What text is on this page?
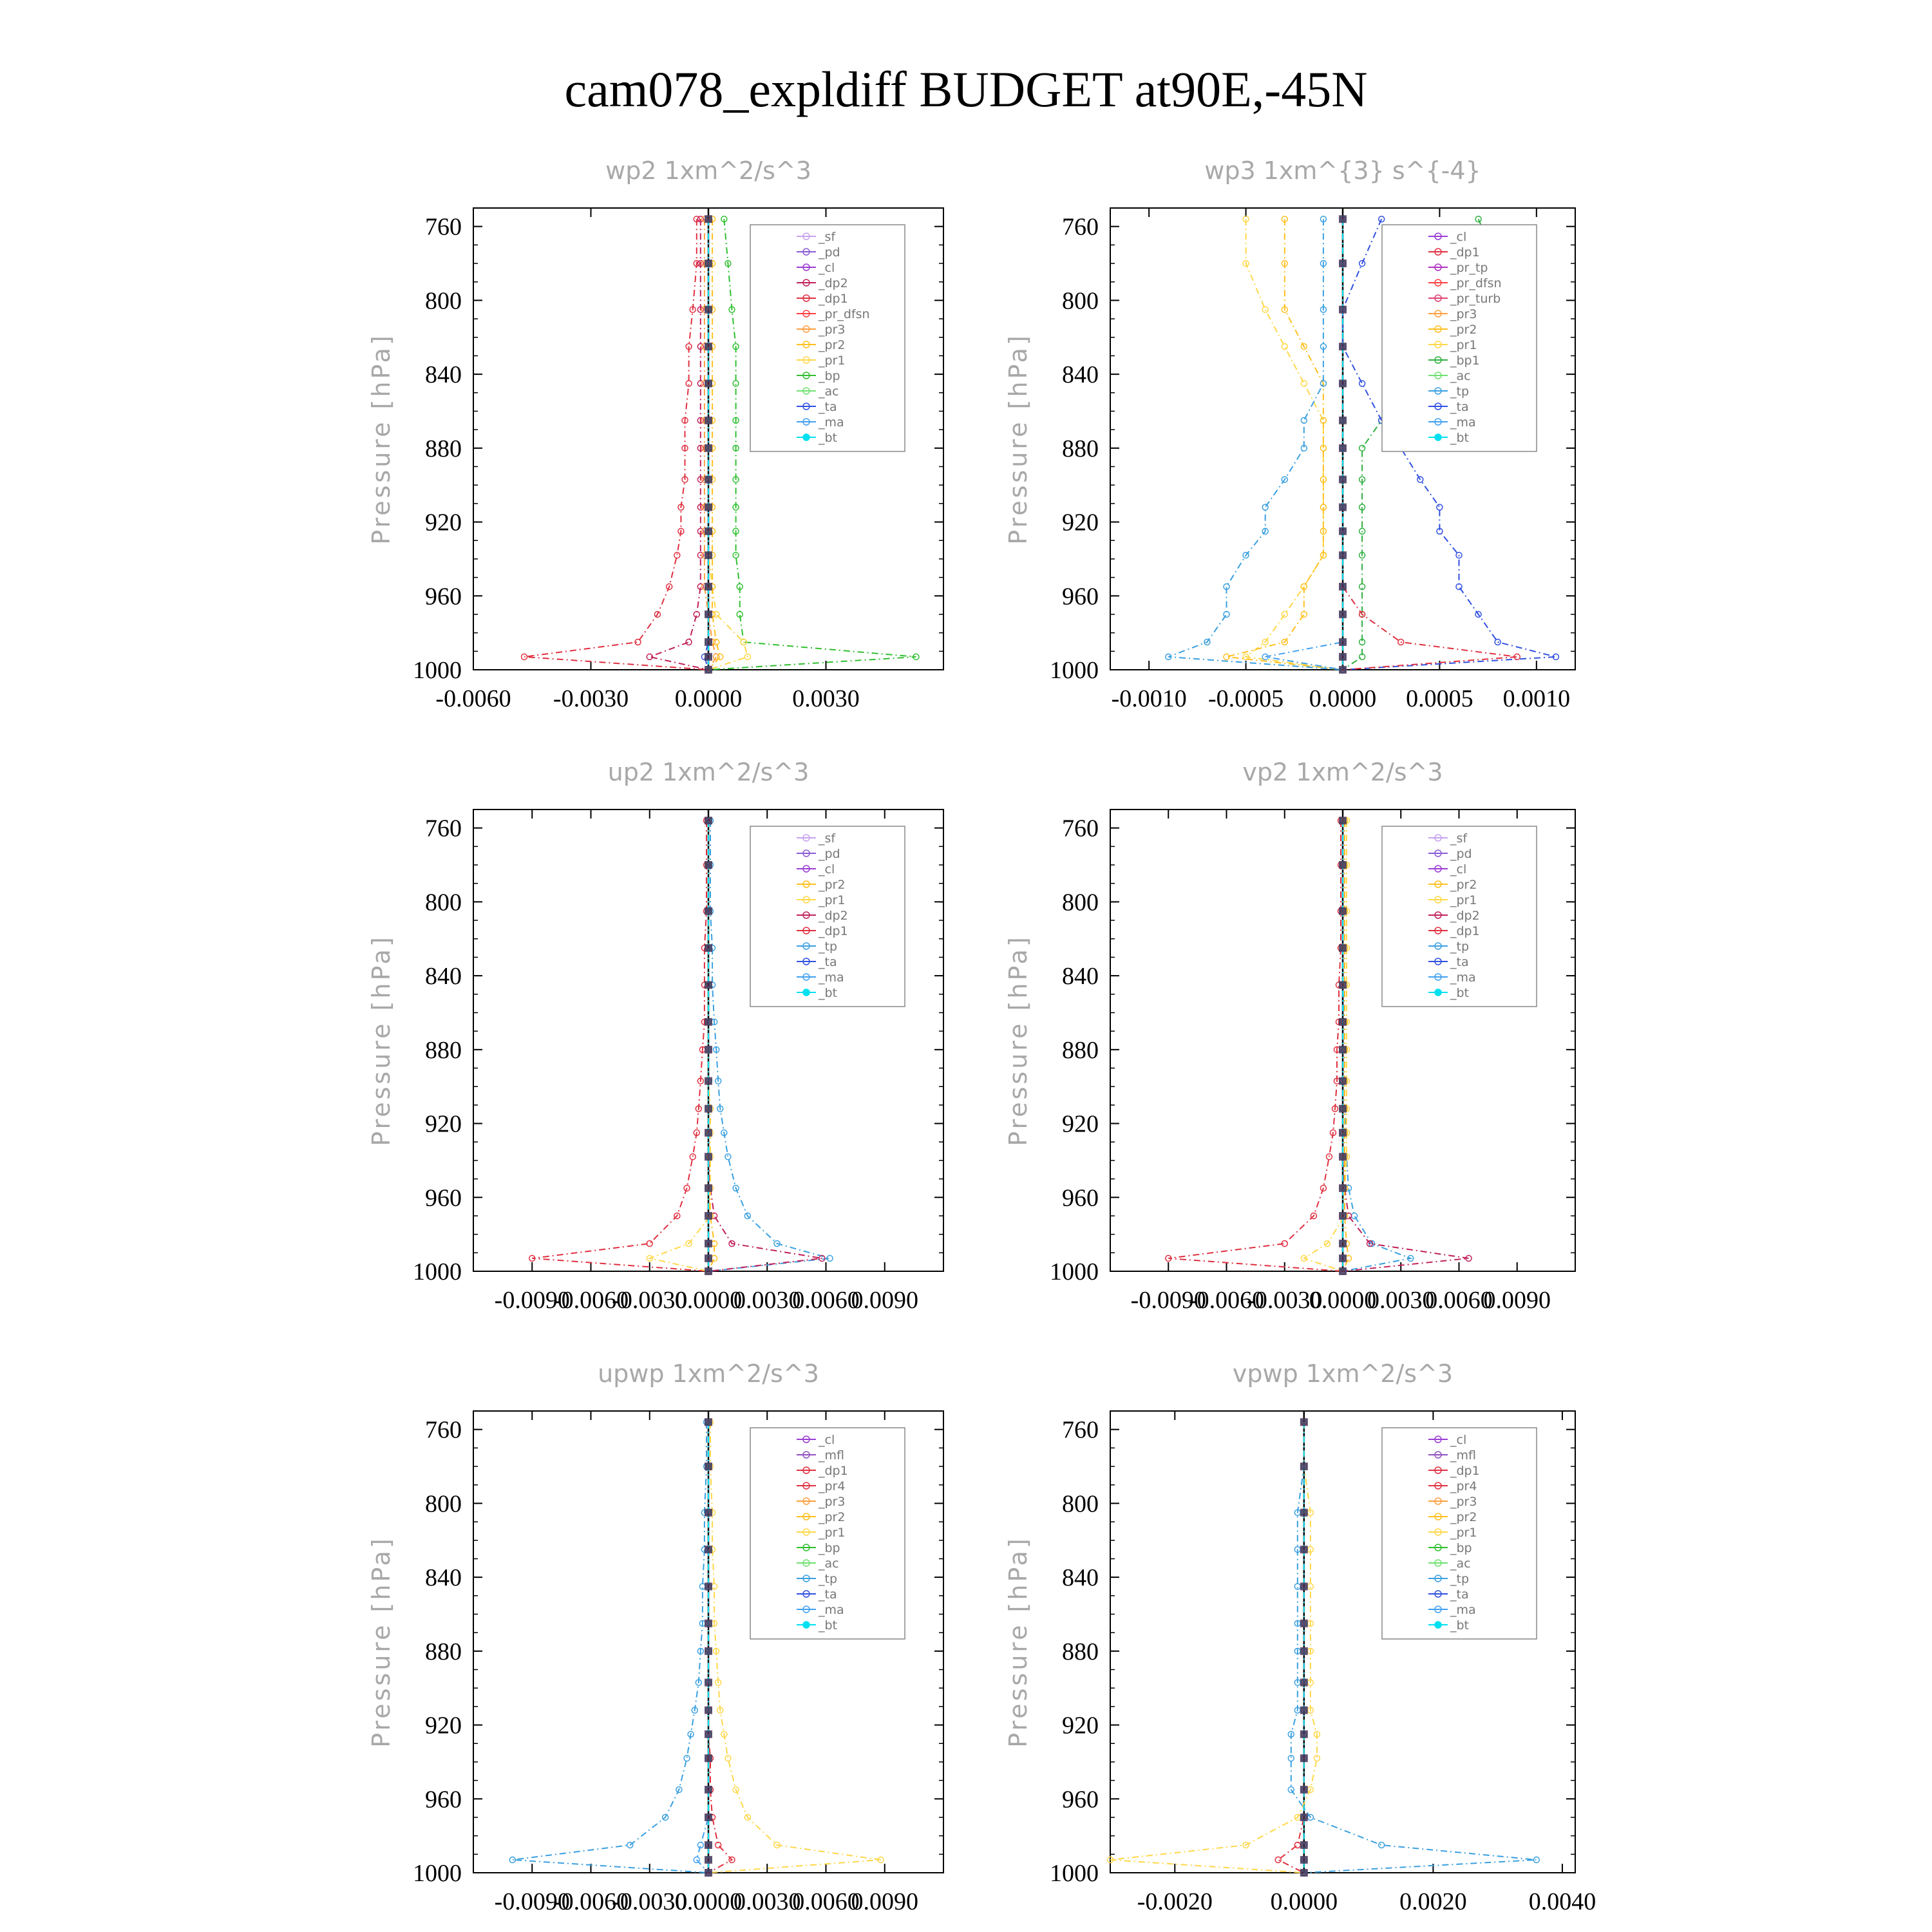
cam078_expldiff BUDGET at90E,-45N
wp2 1xm^2/s^3
Pressure [hPa]
760
800
840
880
920
960
1000
-0.0060 -0.0030 0.0000 0.0030
_sf
_pd
_cl
_dp2
_dp1
_pr_dfsn
_pr3
_pr2
_pr1
_bp
_ac
_ta
_ma
_bt
wp3 1xm^{3} s^{-4}
Pressure [hPa]
760
800
840
880
920
960
1000
-0.0010 -0.0005 0.0000 0.0005 0.0010
_cl
_dp1
_pr_tp
_pr_dfsn
_pr_turb
_pr3
_pr2
_pr1
_bp1
_ac
_tp
_ta
_ma
_bt
up2 1xm^2/s^3
Pressure [hPa]
760
800
840
880
920
960
1000
-0.0090
-0.0060
-0.0030
0.0000
0.0030
0.0060
0.0090
_sf
_pd
_cl
_pr2
_pr1
_dp2
_dp1
_tp
_ta
_ma
_bt
vp2 1xm^2/s^3
Pressure [hPa]
760
800
840
880
920
960
1000
-0.0090
-0.0060
-0.0030
0.0000
0.0030
0.0060
0.0090
_sf
_pd
_cl
_pr2
_pr1
_dp2
_dp1
_tp
_ta
_ma
_bt
upwp 1xm^2/s^3
Pressure [hPa]
760
800
840
880
920
960
1000
-0.0090
-0.0060
-0.0030
0.0000
0.0030
0.0060
0.0090
_cl
_mfl
_dp1
_pr4
_pr3
_pr2
_pr1
_bp
_ac
_tp
_ta
_ma
_bt
vpwp 1xm^2/s^3
Pressure [hPa]
760
800
840
880
920
960
1000
-0.0020 0.0000	0.0020	0.0040
_cl
_mfl
_dp1
_pr4
_pr3
_pr2
_pr1
_bp
_ac
_tp
_ta
_ma
_bt
